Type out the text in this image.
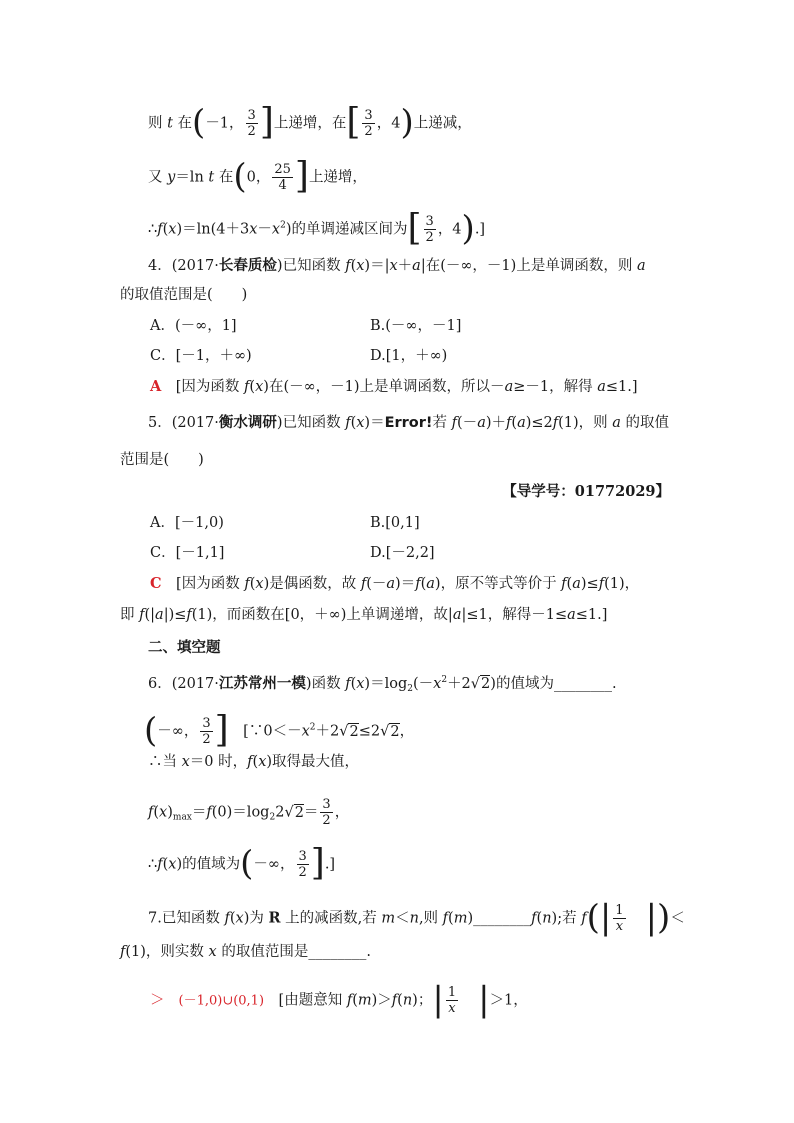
则 t 在(－1， $\frac{3}{2}$ ]上递增，在[ $\frac{3}{2}$ ，4)上递减，
又 y＝ln t 在(0， $\frac{25}{4}$ ]上递增，
$\therefore f(x)=\ln(4+3x-x^2)$的单调递减区间为[ $\frac{3}{2}$ ，4).]
4．(2017·长春质检)已知函数 f(x)＝|x＋a|在(－∞，－1)上是单调函数，则 a
的取值范围是(　　)
A．(－∞，1]	B.(－∞，－1]
C．[－1，＋∞)	D.[1，＋∞)
A　[因为函数 f(x)在(－∞，－1)上是单调函数，所以－a≥－1，解得 a≤1.]
5．(2017·衡水调研)已知函数 f(x)＝Error!若 f(－a)＋f(a)≤2f(1)，则 a 的取值
范围是(　　)
【导学号：01772029】
A．[－1,0)	B.[0,1]
C．[－1,1]	D.[－2,2]
C　[因为函数 f(x)是偶函数，故 f(－a)＝f(a)，原不等式等价于 f(a)≤f(1)，
即 f(|a|)≤f(1)，而函数在[0，＋∞)上单调递增，故|a|≤1，解得－1≤a≤1.]
二、填空题
6．(2017·江苏常州一模)函数 $f(x)=\log_2(-x^2+2√2)$的值域为________.
(－∞， $\frac{3}{2}$ ]　[$\because 0<-x^2+2√2\le 2√2$，
∴当 x＝0 时，f(x)取得最大值，
$f(x)_{max}=f(0)=\log_22√2= \frac{3}{2}$ ，
∴f(x)的值域为(－∞， $\frac{3}{2}$ ].]
7.已知函数 f(x)为 R 上的减函数,若 m＜n,则 f(m)________f(n);若 $f(| \frac{1}{x}$ |)＜
f(1)，则实数 x 的取值范围是________.
＞ (－1,0)∪(0,1)　[由题意知 f(m)＞f(n)；| $\frac{1}{x} |>1$，
